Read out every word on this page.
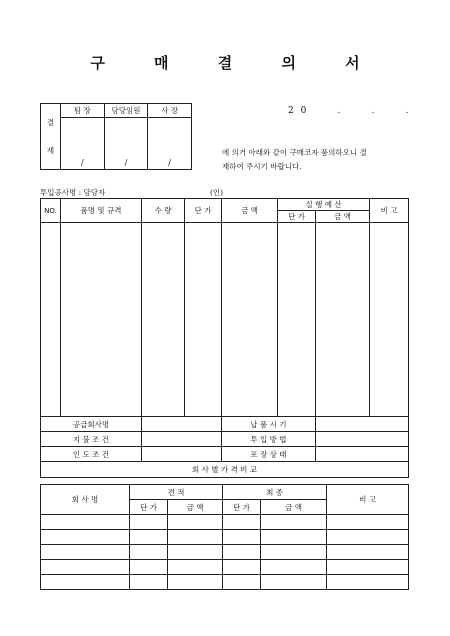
구 매 결 의 서
2 0      .      .      .
결
재	팀 장	담당임원	사 장

	/	/	/
에 의거 아래와 같이 구매코자 품의하오니 결
재하여 주시기 바랍니다.
투입공사명 : 담당자	(인)
NO.	품명 및 규격	수 량	단 가	금 액	실 행 예 산		비 고
					단 가	금 액	

공급회사명				납 품 시 기			
지 불 조 건				투 입 방 법			
인 도 조 건				포 장 상 태			
회 사 별 가 격 비 교							
회 사 명	견 적		최 종		비 고
	단 가	금 액	단 가	금 액	
